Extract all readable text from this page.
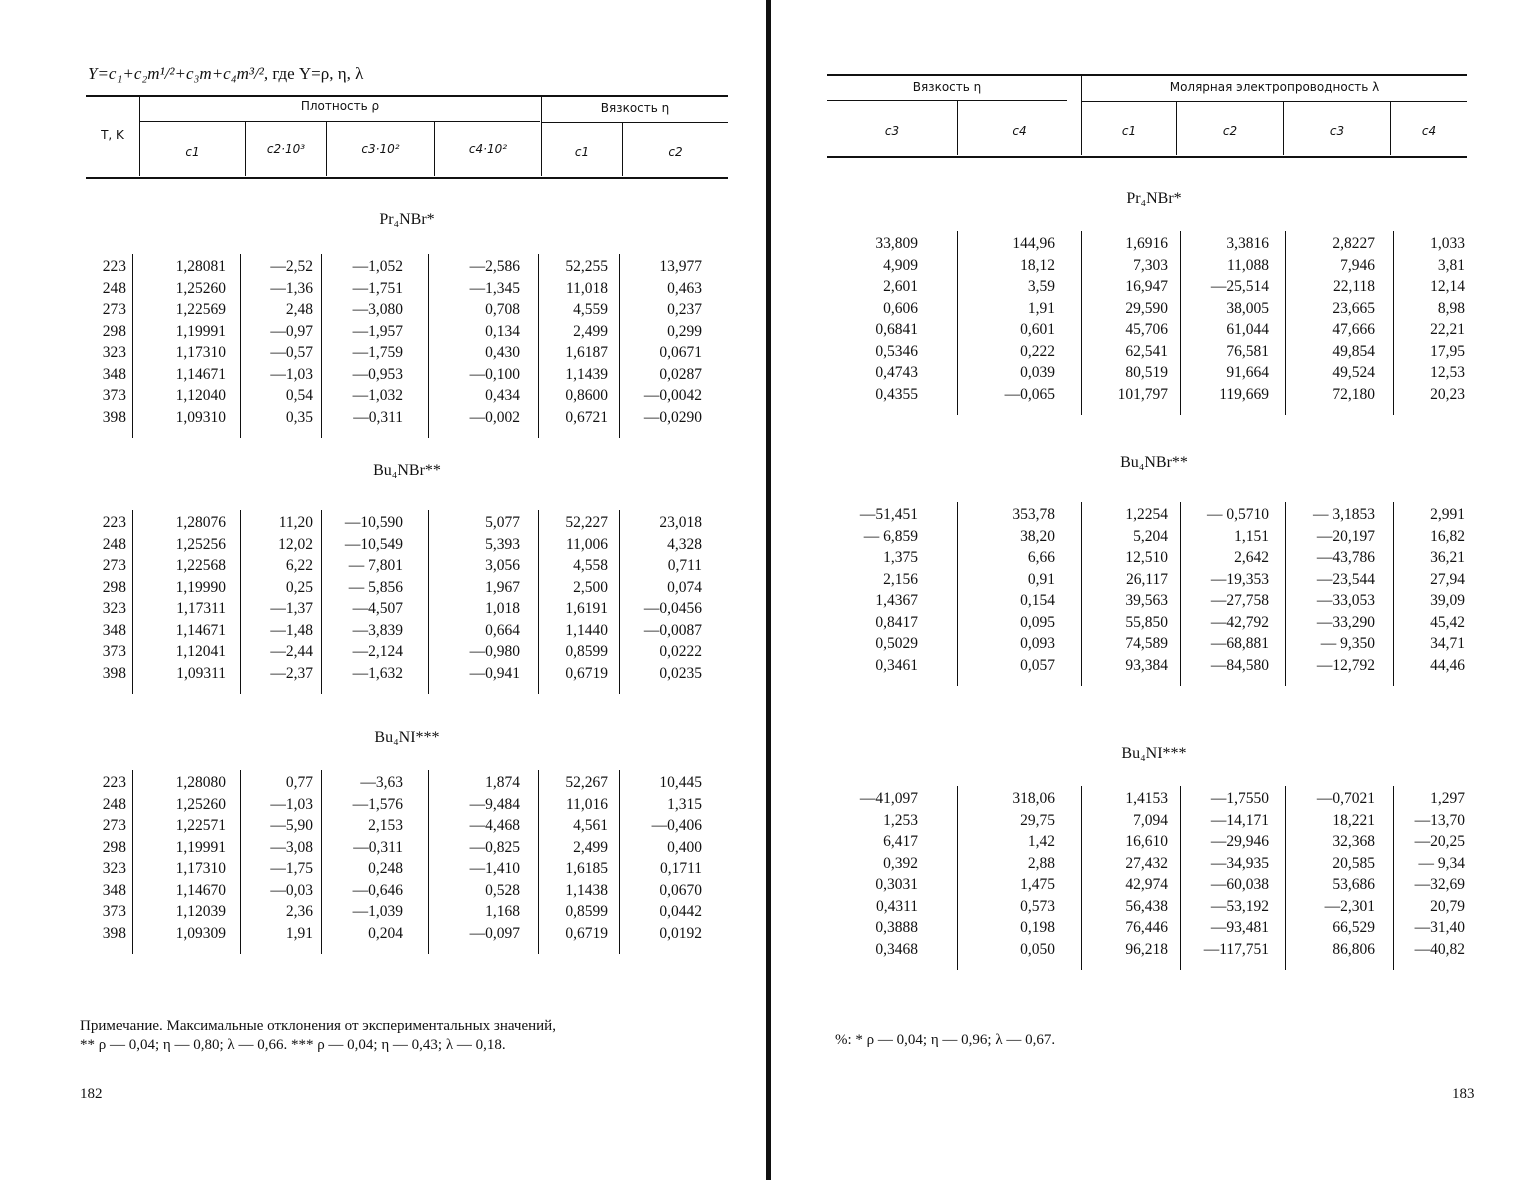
Y=c₁+c₂m¹/²+c₃m+c₄m³/², где Y=ρ, η, λ
T, K
Плотность ρ	Вязкость η
c1	c2·10³	c3·10²	c4·10²	c1	c2
Pr₄NBr*
223	1,28081	—2,52	—1,052	—2,586	52,255	13,977
248	1,25260	—1,36	—1,751	—1,345	11,018	0,463
273	1,22569	2,48	—3,080	0,708	4,559	0,237
298	1,19991	—0,97	—1,957	0,134	2,499	0,299
323	1,17310	—0,57	—1,759	0,430	1,6187	0,0671
348	1,14671	—1,03	—0,953	—0,100	1,1439	0,0287
373	1,12040	0,54	—1,032	0,434	0,8600 —0,0042
398	1,09310	0,35	—0,311	—0,002	0,6721 —0,0290
Bu₄NBr**
223	1,28076	11,20 —10,590	5,077	52,227	23,018
248	1,25256	12,02 —10,549	5,393	11,006	4,328
273	1,22568	6,22 — 7,801	3,056	4,558	0,711
298	1,19990	0,25 — 5,856	1,967	2,500	0,074
323	1,17311	—1,37	—4,507	1,018	1,6191 —0,0456
348	1,14671	—1,48	—3,839	0,664	1,1440 —0,0087
373	1,12041	—2,44	—2,124	—0,980	0,8599	0,0222
398	1,09311	—2,37	—1,632	—0,941	0,6719	0,0235
Bu₄NI***
223	1,28080	0,77	—3,63	1,874	52,267	10,445
248	1,25260	—1,03	—1,576	—9,484	11,016	1,315
273	1,22571	—5,90	2,153	—4,468	4,561	—0,406
298	1,19991	—3,08	—0,311	—0,825	2,499	0,400
323	1,17310	—1,75	0,248	—1,410	1,6185	0,1711
348	1,14670	—0,03	—0,646	0,528	1,1438	0,0670
373	1,12039	2,36	—1,039	1,168	0,8599	0,0442
398	1,09309	1,91	0,204	—0,097	0,6719	0,0192
Примечание. Максимальные отклонения от экспериментальных значений,
** ρ — 0,04; η — 0,80; λ — 0,66. *** ρ — 0,04; η — 0,43; λ — 0,18.
182
Вязкость η	Молярная электропроводность λ
c3	c4	c1	c2	c3	c4
Pr₄NBr*
33,809	144,96	1,6916	3,3816	2,8227	1,033
4,909	18,12	7,303	11,088	7,946	3,81
2,601	3,59	16,947	—25,514	22,118	12,14
0,606	1,91	29,590	38,005	23,665	8,98
0,6841	0,601	45,706	61,044	47,666	22,21
0,5346	0,222	62,541	76,581	49,854	17,95
0,4743	0,039	80,519	91,664	49,524	12,53
0,4355	—0,065	101,797	119,669	72,180	20,23
Bu₄NBr**
—51,451	353,78	1,2254	— 0,5710	— 3,1853	2,991
— 6,859	38,20	5,204	1,151	—20,197	16,82
1,375	6,66	12,510	2,642	—43,786	36,21
2,156	0,91	26,117	—19,353	—23,544	27,94
1,4367	0,154	39,563	—27,758	—33,053	39,09
0,8417	0,095	55,850	—42,792	—33,290	45,42
0,5029	0,093	74,589	—68,881	— 9,350	34,71
0,3461	0,057	93,384	—84,580	—12,792	44,46
Bu₄NI***
—41,097	318,06	1,4153	—1,7550	—0,7021	1,297
1,253	29,75	7,094	—14,171	18,221	—13,70
6,417	1,42	16,610	—29,946	32,368	—20,25
0,392	2,88	27,432	—34,935	20,585	— 9,34
0,3031	1,475	42,974	—60,038	53,686	—32,69
0,4311	0,573	56,438	—53,192	—2,301	20,79
0,3888	0,198	76,446	—93,481	66,529	—31,40
0,3468	0,050	96,218 —117,751	86,806	—40,82
%: * ρ — 0,04; η — 0,96; λ — 0,67.
183
